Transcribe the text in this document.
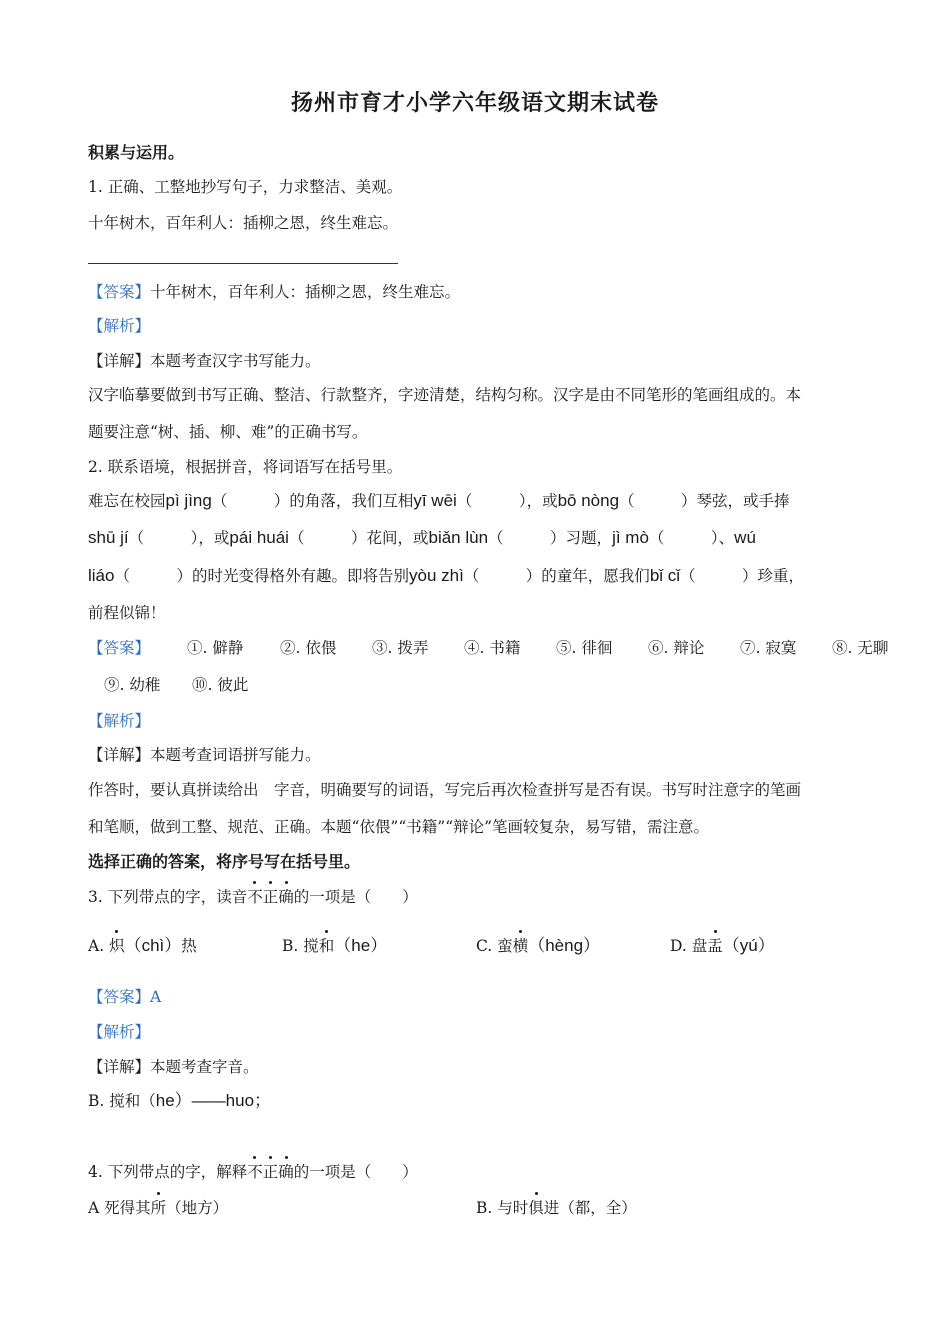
扬州市育才小学六年级语文期末试卷
积累与运用。
1. 正确、工整地抄写句子，力求整洁、美观。
十年树木，百年利人：插柳之恩，终生难忘。
【答案】十年树木，百年利人：插柳之恩，终生难忘。
【解析】
【详解】本题考查汉字书写能力。
汉字临摹要做到书写正确、整洁、行款整齐，字迹清楚，结构匀称。汉字是由不同笔形的笔画组成的。本
题要注意“树、插、柳、难”的正确书写。
2. 联系语境，根据拼音，将词语写在括号里。
难忘在校园pì jìng（　　　）的角落，我们互相yī wēi（　　　），或bō nòng（　　　）琴弦，或手捧
shū jí（　　　），或pái huái（　　　）花间，或biǎn lùn（　　　）习题，jì mò（　　　）、wú
liáo（　　　）的时光变得格外有趣。即将告别yòu zhì（　　　）的童年，愿我们bǐ cǐ（　　　）珍重，
前程似锦！
【答案】 ①. 僻静 ②. 依偎 ③. 拨弄 ④. 书籍 ⑤. 徘徊 ⑥. 辩论 ⑦. 寂寞 ⑧. 无聊
⑨. 幼稚 ⑩. 彼此
【解析】
【详解】本题考查词语拼写能力。
作答时，要认真拼读给出　字音，明确要写的词语，写完后再次检查拼写是否有误。书写时注意字的笔画
和笔顺，做到工整、规范、正确。本题“依偎”“书籍”“辩论”笔画较复杂，易写错，需注意。
选择正确的答案，将序号写在括号里。
3. 下列带点的字，读音不正确的一项是（　　）
A. 炽（chì）热	B. 搅和（he）	C. 蛮横（hèng）	D. 盘盂（yú）
【答案】A
【解析】
【详解】本题考查字音。
B. 搅和（he）——huo；
4. 下列带点的字，解释不正确的一项是（　　）
A 死得其所（地方）	B. 与时俱进（都，全）
